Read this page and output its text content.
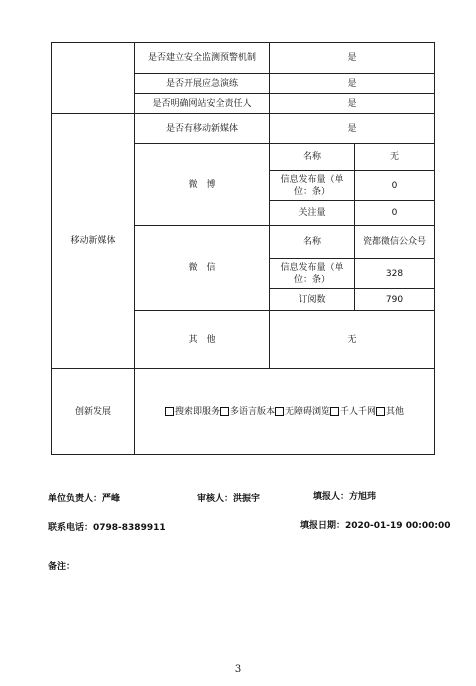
	是否建立安全监测预警机制	是	
	是否开展应急演练	是	
	是否明确网站安全责任人	是	
移动新媒体	是否有移动新媒体	是	
	微　博	名称	无
		信息发布量（单位：条）	0
		关注量	0
	微　信	名称	瓷都微信公众号
		信息发布量（单位：条）	328
		订阅数	790
	其　他	无	
创新发展	搜索即服务 多语言版本 无障碍浏览 千人千网 其他		
单位负责人：严峰	审核人：洪振宇	填报人：方旭玮
联系电话：0798-8389911	填报日期：2020-01-19 00:00:00
备注：
3
